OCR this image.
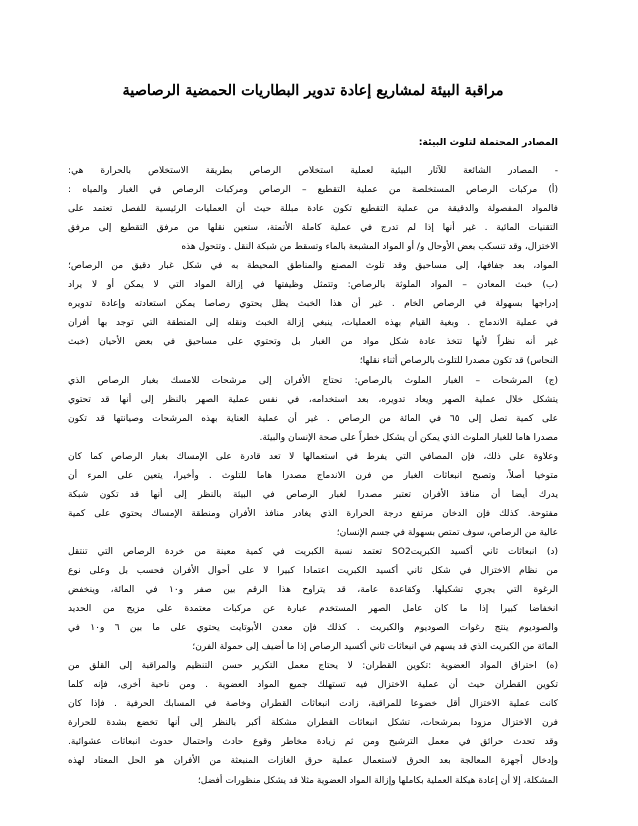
مراقبة البيئة لمشاريع إعادة تدوير البطاريات الحمضية الرصاصية
المصادر المحتملة لتلوث البيئة:
- المصادر الشائعة للآثار البيئية لعملية استخلاص الرصاص بطريقة الاستخلاص بالحرارة هي:
(أ) مركبات الرصاص المستخلصة من عملية التقطيع – الرصاص ومركبات الرصاص في الغبار والمياه :
فالمواد المفصولة والدقيقة من عملية التقطيع تكون عادة مبللة حيث أن العمليات الرئيسية للفصل تعتمد على
التقنيات المائية . غير أنها إذا لم تدرج في عملية كاملة الأتمتة، ستعين نقلها من مرفق التقطيع إلى مرفق
الاختزال، وقد تنسكب بعض الأوحال و/ أو المواد المشبعة بالماء وتسقط من شبكة النقل . وتتحول هذه
المواد، بعد جفافها، إلى مساحيق وقد تلوث المصنع والمناطق المحيطة به في شكل غبار دقيق من الرصاص؛
(ب) خبث المعادن – المواد الملوثة بالرصاص: وتتمثل وظيفتها في إزالة المواد التي لا يمكن أو لا يراد
إدراجها بسهولة في الرصاص الخام . غير أن هذا الخبث يظل يحتوي رصاصا يمكن استعادته وإعادة تدويره
في عملية الاندماج . وبغية القيام بهذه العمليات، ينبغي إزالة الخبث ونقله إلى المنطقة التي توجد بها أفران
غير أنه نظراً لأنها تتخذ عادة شكل مواد من الغبار بل وتحتوي على مساحيق في بعض الأحيان (خبث
النحاس) قد تكون مصدرا للتلوث بالرصاص أثناء نقلها؛
(ج) المرشحات – الغبار الملوث بالرصاص: تحتاج الأفران إلى مرشحات للامسك بغبار الرصاص الذي
يتشكل خلال عملية الصهر ويعاد تدويره، بعد استخدامه، في نفس عملية الصهر بالنظر إلى أنها قد تحتوي
على كمية تصل إلى ٦٥ في المائة من الرصاص . غير أن عملية العناية بهذه المرشحات وصيانتها قد تكون
مصدرا هاما للغبار الملوث الذي يمكن أن يشكل خطراً على صحة الإنسان والبيئة.
وعلاوة على ذلك، فإن المصافي التي يفرط في استعمالها لا تعد قادرة على الإمساك بغبار الرصاص كما كان
متوخيا أصلاً، وتصبح انبعاثات الغبار من فرن الاندماج مصدرا هاما للتلوث . وأخيرا، يتعين على المرء أن
يدرك أيضا أن منافذ الأفران تعتبر مصدرا لغبار الرصاص في البيئة بالنظر إلى أنها قد تكون شبكة
مفتوحة. كذلك فإن الدخان مرتفع درجة الحرارة الذي يغادر منافذ الأفران ومنطقة الإمساك يحتوي على كمية
عالية من الرصاص، سوف تمتص بسهولة في جسم الإنسان؛
(د) انبعاثات ثاني أكسيد الكبريتSO2 تعتمد نسبة الكبريت في كمية معينة من خردة الرصاص التي تنتقل
من نظام الاختزال في شكل ثاني أكسيد الكبريت اعتمادا كبيرا لا على أحوال الأفران فحسب بل وعلى نوع
الرغوة التي يجري تشكيلها. وكقاعدة عامة، قد يتراوح هذا الرقم بين صفر و١٠ في المائة، وينخفض
انخفاضا كبيرا إذا ما كان عامل الصهر المستخدم عبارة عن مركبات معتمدة على مزيج من الحديد
والصوديوم ينتج رغوات الصوديوم والكبريت . كذلك فإن معدن الأبوتايت يحتوي على ما بين ٦ و١٠ في
المائة من الكبريت الذي قد يسهم في انبعاثات ثاني أكسيد الرصاص إذا ما أضيف إلى حمولة الفرن؛
(ه) احتراق المواد العضوية :تكوين القطران: لا يحتاج معمل التكرير حسن التنظيم والمراقبة إلى القلق من
تكوين القطران حيث أن عملية الاختزال فيه تستهلك جميع المواد العضوية . ومن ناحية أخرى، فإنه كلما
كانت عملية الاختزال أقل خضوعا للمراقبة، زادت انبعاثات القطران وخاصة في المسابك الحرفية . فإذا كان
فرن الاختزال مزودا بمرشحات، تشكل انبعاثات القطران مشكلة أكبر بالنظر إلى أنها تخضع بشدة للحرارة
وقد تحدث حرائق في معمل الترشيح ومن ثم زيادة مخاطر وقوع حادث واحتمال حدوث انبعاثات عشوائية.
وإدخال أجهزة المعالجة بعد الحرق لاستعمال عملية حرق الغازات المنبعثة من الأفران هو الحل المعتاد لهذه
المشكلة، إلا أن إعادة هيكلة العملية بكاملها وإزالة المواد العضوية مثلا قد يشكل منظورات أفضل؛
